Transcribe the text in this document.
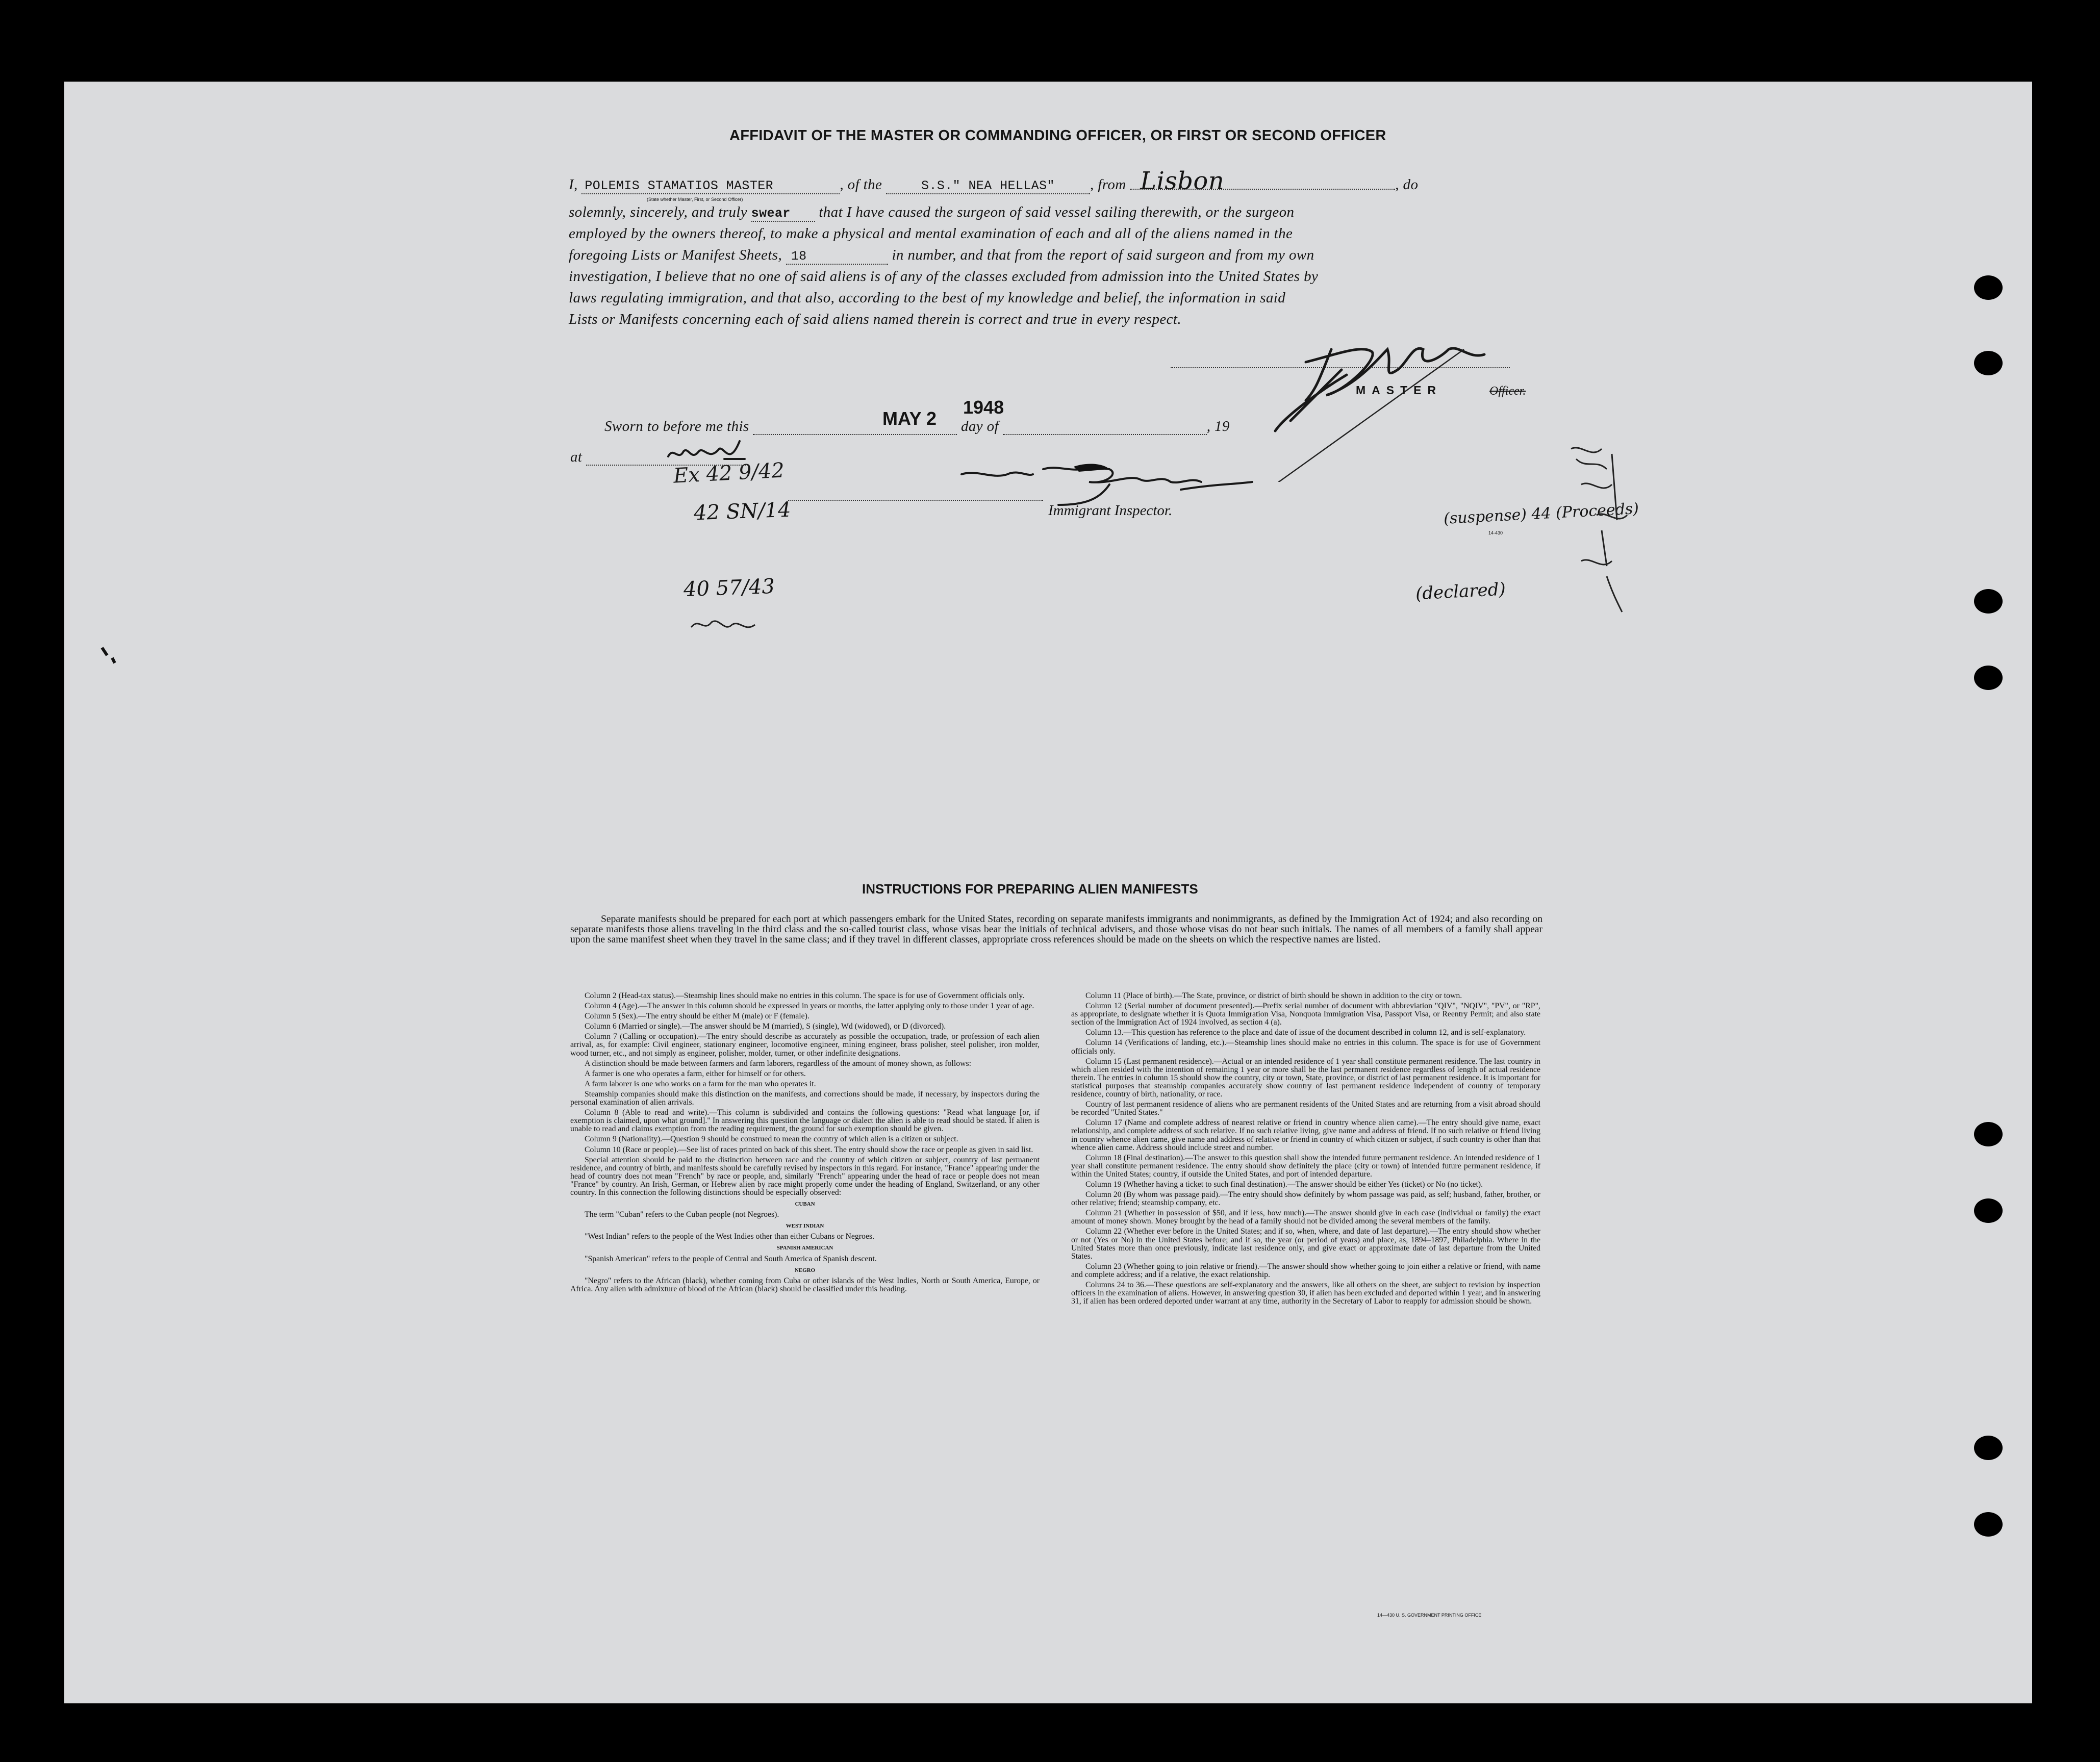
AFFIDAVIT OF THE MASTER OR COMMANDING OFFICER, OR FIRST OR SECOND OFFICER
I, POLEMIS STAMATIOS MASTER	, of the	S.S." NEA HELLAS" , from Lisbon	, do
(State whether Master, First, or Second Officer)
solemnly, sincerely, and truly swear that I have caused the surgeon of said vessel sailing therewith, or the surgeon
employed by the owners thereof, to make a physical and mental examination of each and all of the aliens named in the
foregoing Lists or Manifest Sheets, 18	in number, and that from the report of said surgeon and from my own
investigation, I believe that no one of said aliens is of any of the classes excluded from admission into the United States by
laws regulating immigration, and that also, according to the best of my knowledge and belief, the information in said
Lists or Manifests concerning each of said aliens named therein is correct and true in every respect.
MASTER	Officer.
Sworn to before me this	day of	, 19
MAY 2
1948
at
Immigrant Inspector.
14-430
Ex 42 9/42
42 SN/14
40 57/43
(suspense) 44 (Proceeds)
(declared)
INSTRUCTIONS FOR PREPARING ALIEN MANIFESTS

Separate manifests should be prepared for each port at which passengers embark for the United States, recording on separate manifests immigrants and nonimmigrants, as defined by the Immigration Act of 1924; and also recording on separate manifests those aliens traveling in the third class and the so-called tourist class, whose visas bear the initials of technical advisers, and those whose visas do not bear such initials. The names of all members of a family shall appear upon the same manifest sheet when they travel in the same class; and if they travel in different classes, appropriate cross references should be made on the sheets on which the respective names are listed.

Column 2 (Head-tax status).—Steamship lines should make no entries in this column. The space is for use of Government officials only.

Column 4 (Age).—The answer in this column should be expressed in years or months, the latter applying only to those under 1 year of age.

Column 5 (Sex).—The entry should be either M (male) or F (female).

Column 6 (Married or single).—The answer should be M (married), S (single), Wd (widowed), or D (divorced).

Column 7 (Calling or occupation).—The entry should describe as accurately as possible the occupation, trade, or profession of each alien arrival, as, for example: Civil engineer, stationary engineer, locomotive engineer, mining engineer, brass polisher, steel polisher, iron molder, wood turner, etc., and not simply as engineer, polisher, molder, turner, or other indefinite designations.

A distinction should be made between farmers and farm laborers, regardless of the amount of money shown, as follows:

A farmer is one who operates a farm, either for himself or for others.

A farm laborer is one who works on a farm for the man who operates it.

Steamship companies should make this distinction on the manifests, and corrections should be made, if necessary, by inspectors during the personal examination of alien arrivals.

Column 8 (Able to read and write).—This column is subdivided and contains the following questions: "Read what language [or, if exemption is claimed, upon what ground]." In answering this question the language or dialect the alien is able to read should be stated. If alien is unable to read and claims exemption from the reading requirement, the ground for such exemption should be given.

Column 9 (Nationality).—Question 9 should be construed to mean the country of which alien is a citizen or subject.

Column 10 (Race or people).—See list of races printed on back of this sheet. The entry should show the race or people as given in said list.

Special attention should be paid to the distinction between race and the country of which citizen or subject, country of last permanent residence, and country of birth, and manifests should be carefully revised by inspectors in this regard. For instance, "France" appearing under the head of country does not mean "French" by race or people, and, similarly "French" appearing under the head of race or people does not mean "France" by country. An Irish, German, or Hebrew alien by race might properly come under the heading of England, Switzerland, or any other country. In this connection the following distinctions should be especially observed:

CUBAN

The term "Cuban" refers to the Cuban people (not Negroes).

WEST INDIAN

"West Indian" refers to the people of the West Indies other than either Cubans or Negroes.

SPANISH AMERICAN

"Spanish American" refers to the people of Central and South America of Spanish descent.

NEGRO

"Negro" refers to the African (black), whether coming from Cuba or other islands of the West Indies, North or South America, Europe, or Africa. Any alien with admixture of blood of the African (black) should be classified under this heading.

Column 11 (Place of birth).—The State, province, or district of birth should be shown in addition to the city or town.

Column 12 (Serial number of document presented).—Prefix serial number of document with abbreviation "QIV", "NQIV", "PV", or "RP", as appropriate, to designate whether it is Quota Immigration Visa, Nonquota Immigration Visa, Passport Visa, or Reentry Permit; and also state section of the Immigration Act of 1924 involved, as section 4 (a).

Column 13.—This question has reference to the place and date of issue of the document described in column 12, and is self-explanatory.

Column 14 (Verifications of landing, etc.).—Steamship lines should make no entries in this column. The space is for use of Government officials only.

Column 15 (Last permanent residence).—Actual or an intended residence of 1 year shall constitute permanent residence. The last country in which alien resided with the intention of remaining 1 year or more shall be the last permanent residence regardless of length of actual residence therein. The entries in column 15 should show the country, city or town, State, province, or district of last permanent residence. It is important for statistical purposes that steamship companies accurately show country of last permanent residence independent of country of temporary residence, country of birth, nationality, or race.

Country of last permanent residence of aliens who are permanent residents of the United States and are returning from a visit abroad should be recorded "United States."

Column 17 (Name and complete address of nearest relative or friend in country whence alien came).—The entry should give name, exact relationship, and complete address of such relative. If no such relative living, give name and address of friend. If no such relative or friend living in country whence alien came, give name and address of relative or friend in country of which citizen or subject, if such country is other than that whence alien came. Address should include street and number.

Column 18 (Final destination).—The answer to this question shall show the intended future permanent residence. An intended residence of 1 year shall constitute permanent residence. The entry should show definitely the place (city or town) of intended future permanent residence, if within the United States; country, if outside the United States, and port of intended departure.

Column 19 (Whether having a ticket to such final destination).—The answer should be either Yes (ticket) or No (no ticket).

Column 20 (By whom was passage paid).—The entry should show definitely by whom passage was paid, as self; husband, father, brother, or other relative; friend; steamship company, etc.

Column 21 (Whether in possession of $50, and if less, how much).—The answer should give in each case (individual or family) the exact amount of money shown. Money brought by the head of a family should not be divided among the several members of the family.

Column 22 (Whether ever before in the United States; and if so, when, where, and date of last departure).—The entry should show whether or not (Yes or No) in the United States before; and if so, the year (or period of years) and place, as, 1894–1897, Philadelphia. Where in the United States more than once previously, indicate last residence only, and give exact or approximate date of last departure from the United States.

Column 23 (Whether going to join relative or friend).—The answer should show whether going to join either a relative or friend, with name and complete address; and if a relative, the exact relationship.

Columns 24 to 36.—These questions are self-explanatory and the answers, like all others on the sheet, are subject to revision by inspection officers in the examination of aliens. However, in answering question 30, if alien has been excluded and deported within 1 year, and in answering 31, if alien has been ordered deported under warrant at any time, authority in the Secretary of Labor to reapply for admission should be shown.

14—430 U. S. GOVERNMENT PRINTING OFFICE
